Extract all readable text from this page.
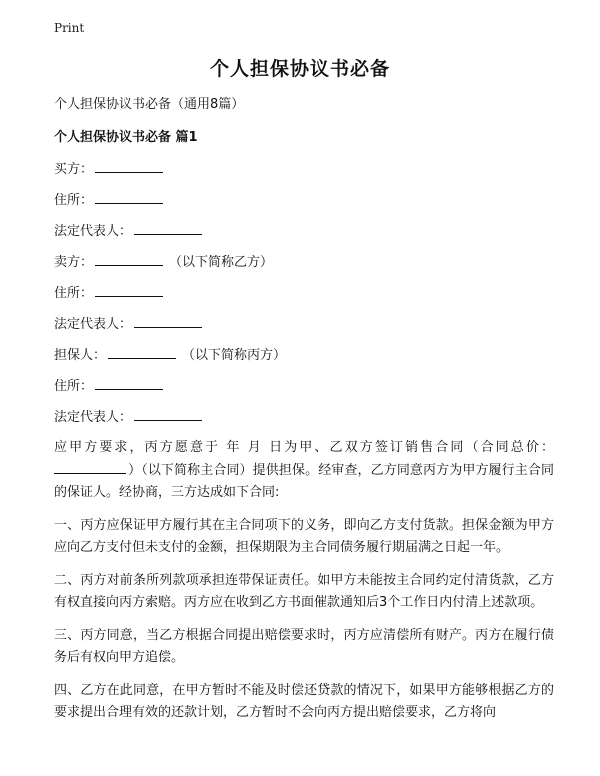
Print
个人担保协议书必备
个人担保协议书必备（通用8篇）
个人担保协议书必备 篇1
买方：
住所：
法定代表人：
卖方：	（以下简称乙方）
住所：
法定代表人：
担保人：	（以下简称丙方）
住所：
法定代表人：
应甲方要求，丙方愿意于 年 月 日为甲、乙双方签订销售合同（合同总价：）（以下简称主合同）提供担保。经审查，乙方同意丙方为甲方履行主合同的保证人。经协商，三方达成如下合同:
一、丙方应保证甲方履行其在主合同项下的义务，即向乙方支付货款。担保金额为甲方应向乙方支付但未支付的金额，担保期限为主合同债务履行期届满之日起一年。
二、丙方对前条所列款项承担连带保证责任。如甲方未能按主合同约定付清货款，乙方有权直接向丙方索赔。丙方应在收到乙方书面催款通知后3个工作日内付清上述款项。
三、丙方同意，当乙方根据合同提出赔偿要求时，丙方应清偿所有财产。丙方在履行债务后有权向甲方追偿。
四、乙方在此同意，在甲方暂时不能及时偿还贷款的情况下，如果甲方能够根据乙方的要求提出合理有效的还款计划，乙方暂时不会向丙方提出赔偿要求，乙方将向
